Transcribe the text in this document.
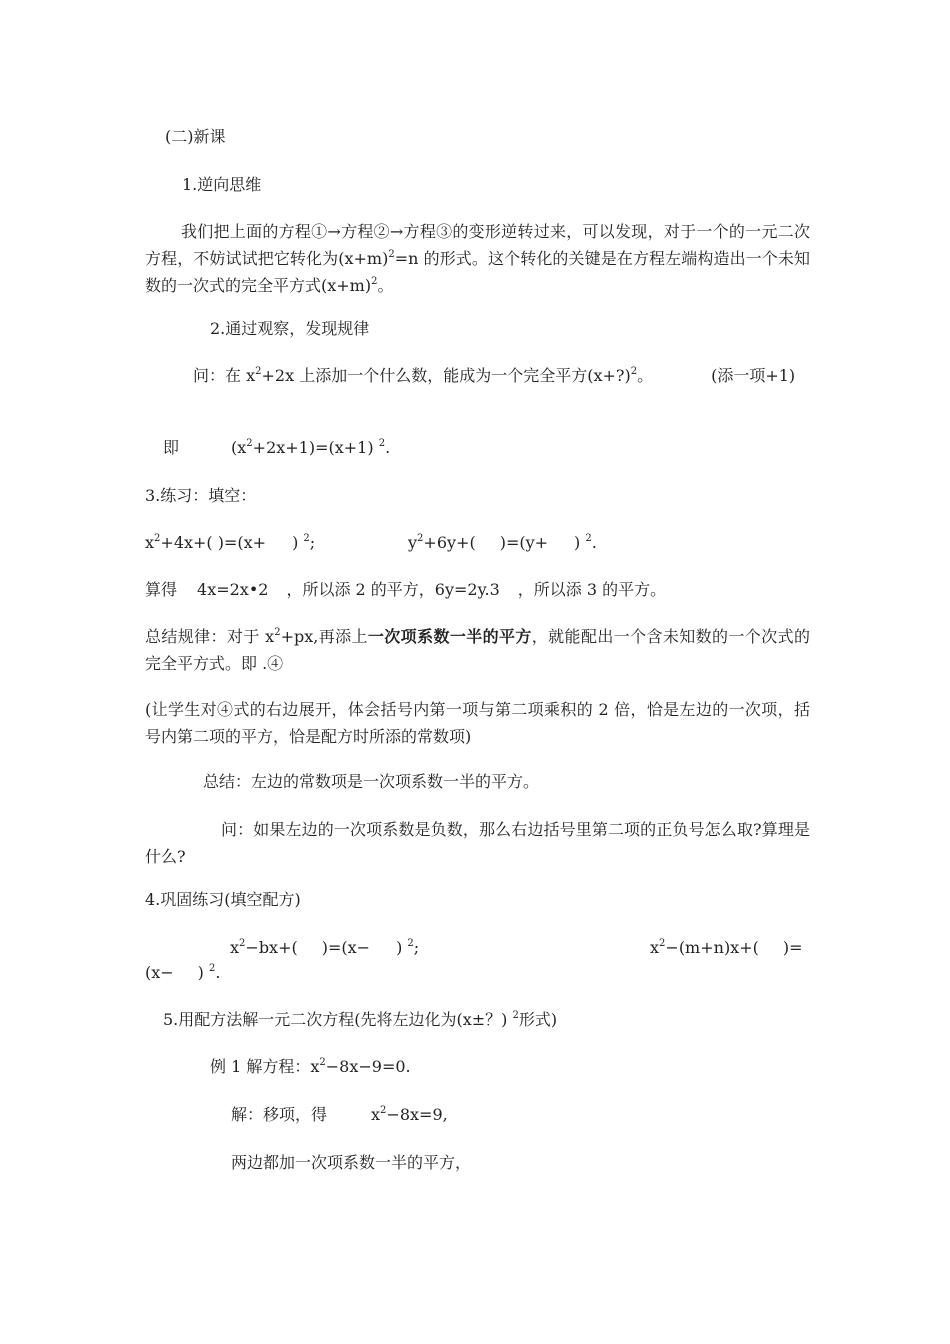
(二)新课
1.逆向思维
我们把上面的方程①→方程②→方程③的变形逆转过来，可以发现，对于一个的一元二次方程，不妨试试把它转化为$(x+m)^2=n$ 的形式。这个转化的关键是在方程左端构造出一个未知数的一次式的完全平方式$(x+m)^2$。
2.通过观察，发现规律
问：在 $x^2+2x$ 上添加一个什么数，能成为一个完全平方(x+?)$^2$。	(添一项+1)
即	$(x^2+2x+1)=(x+1)$ $^2$.
3.练习：填空：
$x^2+4x+$( )=(x+ ) $^2$;	$y^2+6y+$( )=(y+ ) $^2$.
算得 4x=2x•2 ，所以添 2 的平方，6y=2y.3 ，所以添 3 的平方。
总结规律：对于 $x^2+px$,再添上一次项系数一半的平方，就能配出一个含未知数的一个次式的完全平方式。即 .④
(让学生对④式的右边展开，体会括号内第一项与第二项乘积的 2 倍，恰是左边的一次项，括号内第二项的平方，恰是配方时所添的常数项)
总结：左边的常数项是一次项系数一半的平方。
问：如果左边的一次项系数是负数，那么右边括号里第二项的正负号怎么取?算理是什么?
4.巩固练习(填空配方)
$x^2-bx+$( )=(x− ) $^2$;	$x^2-(m+n)x+$( )=
(x− ) $^2$.
5.用配方法解一元二次方程(先将左边化为(x±？) $^2$形式)
例 1 解方程：$x^2-8x-9=0$.
解：移项，得	$x^2-8x=9$,
两边都加一次项系数一半的平方，
